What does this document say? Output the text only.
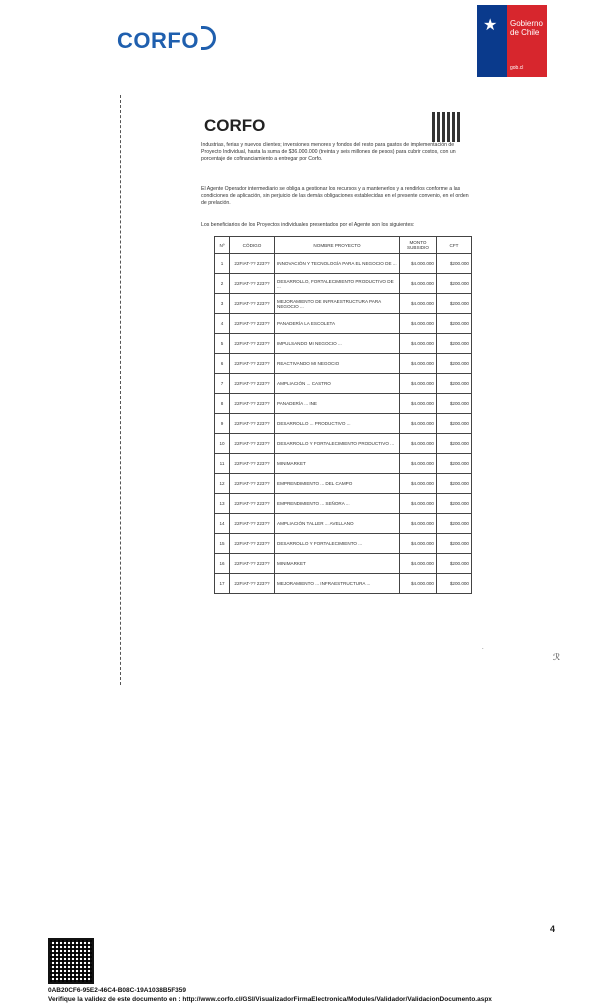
CORFO
★ Gobierno de Chile
gob.cl
CORFO
Industrias, ferias y nuevos clientes; inversiones menores y fondos del resto para gastos de implementación de Proyecto Individual, hasta la suma de $36.000.000 (treinta y seis millones de pesos) para cubrir costos, con un porcentaje de cofinanciamiento a entregar por Corfo.
El Agente Operador intermediario se obliga a gestionar los recursos y a mantenerlos y a rendirlos conforme a las condiciones de aplicación, sin perjuicio de las demás obligaciones establecidas en el presente convenio, en el orden de prelación.
Los beneficiarios de los Proyectos individuales presentados por el Agente son los siguientes:
Nº	CÓDIGO	NOMBRE PROYECTO	MONTO SUBSIDIO	CFT
1	22FIAT-?? 223??	INNOVACIÓN Y TECNOLOGÍA PARA EL NEGOCIO DE ...	$4.000.000	$200.000
2	22FIAT-?? 223??	DESARROLLO, FORTALECIMIENTO PRODUCTIVO DE ...	$4.000.000	$200.000
3	22FIAT-?? 223??	MEJORAMIENTO DE INFRAESTRUCTURA PARA NEGOCIO ...	$4.000.000	$200.000
4	22FIAT-?? 223??	PANADERÍA LA ESCOLETA	$4.000.000	$200.000
5	22FIAT-?? 223??	IMPULSANDO MI NEGOCIO ...	$4.000.000	$200.000
6	22FIAT-?? 223??	REACTIVANDO MI NEGOCIO	$4.000.000	$200.000
7	22FIAT-?? 223??	AMPLIACIÓN ... CASTRO	$4.000.000	$200.000
8	22FIAT-?? 223??	PANADERÍA ... INE	$4.000.000	$200.000
9	22FIAT-?? 223??	DESARROLLO ... PRODUCTIVO ...	$4.000.000	$200.000
10	22FIAT-?? 223??	DESARROLLO Y FORTALECIMIENTO PRODUCTIVO ...	$4.000.000	$200.000
11	22FIAT-?? 223??	MINIMARKET	$4.000.000	$200.000
12	22FIAT-?? 223??	EMPRENDIMIENTO ... DEL CAMPO	$4.000.000	$200.000
13	22FIAT-?? 223??	EMPRENDIMIENTO ... SEÑORA ...	$4.000.000	$200.000
14	22FIAT-?? 223??	AMPLIACIÓN TALLER ... AVELLANO	$4.000.000	$200.000
15	22FIAT-?? 223??	DESARROLLO Y FORTALECIMIENTO ...	$4.000.000	$200.000
16	22FIAT-?? 223??	MINIMARKET	$4.000.000	$200.000
17	22FIAT-?? 223??	MEJORAMIENTO ... INFRAESTRUCTURA ...	$4.000.000	$200.000
.
ℛ
4
0AB20CF6-95E2-46C4-B08C-19A1038B5F359
Verifique la validez de este documento en : http://www.corfo.cl/GSI/VisualizadorFirmaElectronica/Modules/Validador/ValidacionDocumento.aspx
